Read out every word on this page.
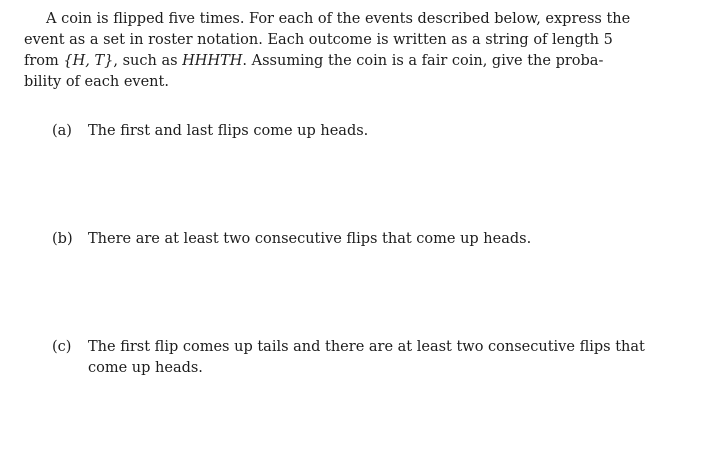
A coin is flipped five times. For each of the events described below, express the
event as a set in roster notation. Each outcome is written as a string of length 5
from {H, T}, such as HHHTH. Assuming the coin is a fair coin, give the proba-
bility of each event.
(a) The first and last flips come up heads.
(b) There are at least two consecutive flips that come up heads.
(c) The first flip comes up tails and there are at least two consecutive flips that
come up heads.
